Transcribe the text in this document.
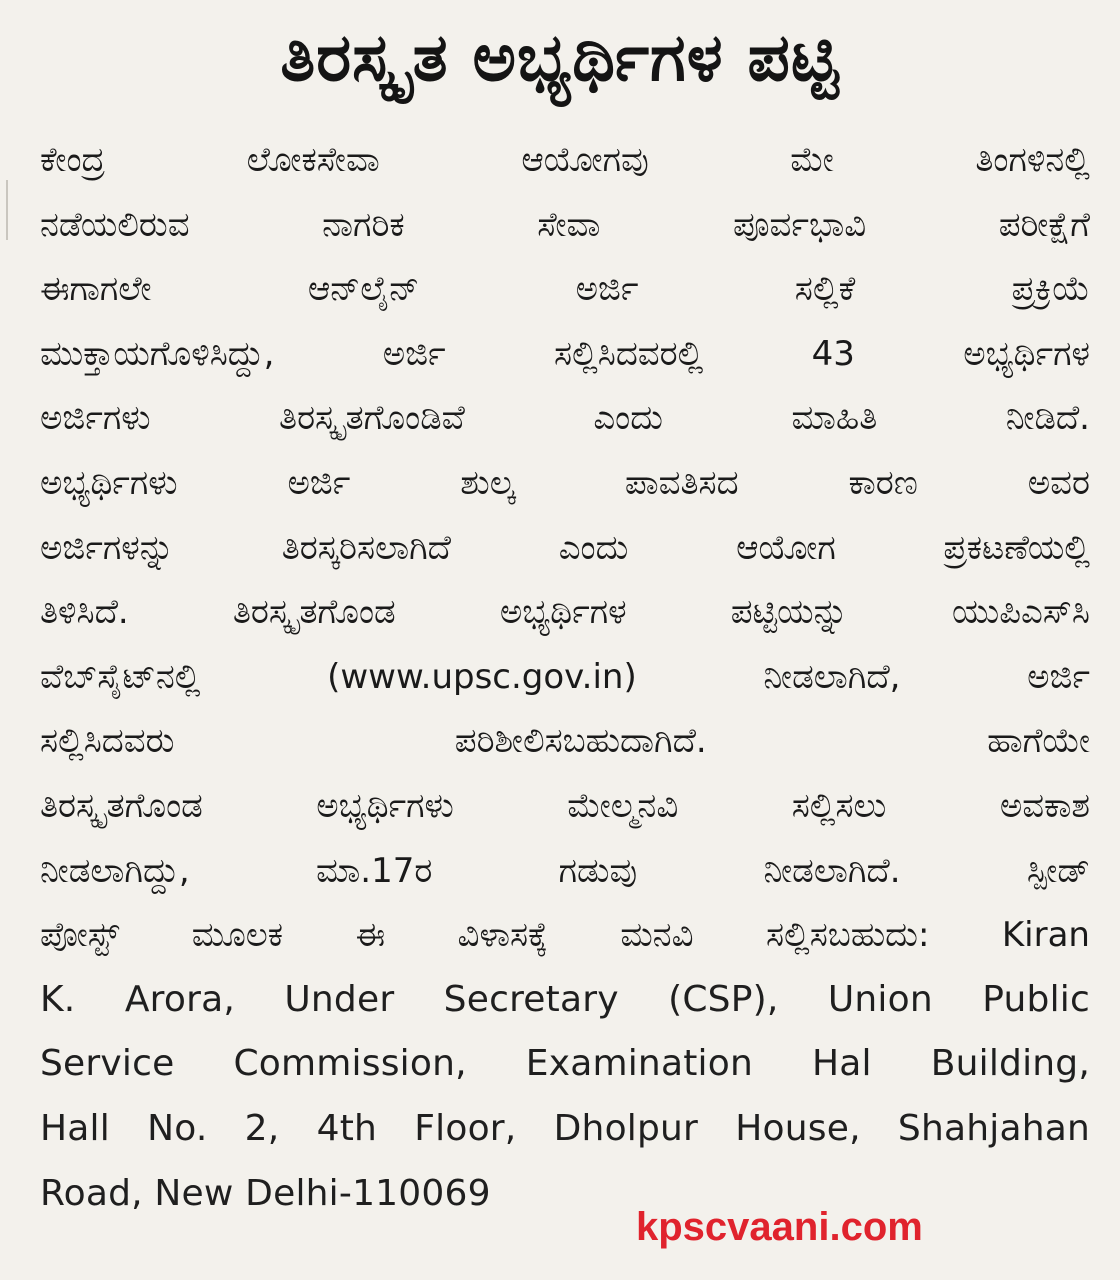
ತಿರಸ್ಕೃತ ಅಭ್ಯರ್ಥಿಗಳ ಪಟ್ಟಿ
ಕೇಂದ್ರ ಲೋಕಸೇವಾ ಆಯೋಗವು ಮೇ ತಿಂಗಳಿನಲ್ಲಿ
ನಡೆಯಲಿರುವ ನಾಗರಿಕ ಸೇವಾ ಪೂರ್ವಭಾವಿ ಪರೀಕ್ಷೆಗೆ
ಈಗಾಗಲೇ ಆನ್‌ಲೈನ್ ಅರ್ಜಿ ಸಲ್ಲಿಕೆ ಪ್ರಕ್ರಿಯೆ
ಮುಕ್ತಾಯಗೊಳಿಸಿದ್ದು, ಅರ್ಜಿ ಸಲ್ಲಿಸಿದವರಲ್ಲಿ 43 ಅಭ್ಯರ್ಥಿಗಳ
ಅರ್ಜಿಗಳು ತಿರಸ್ಕೃತಗೊಂಡಿವೆ ಎಂದು ಮಾಹಿತಿ ನೀಡಿದೆ.
ಅಭ್ಯರ್ಥಿಗಳು ಅರ್ಜಿ ಶುಲ್ಕ ಪಾವತಿಸದ ಕಾರಣ ಅವರ
ಅರ್ಜಿಗಳನ್ನು ತಿರಸ್ಕರಿಸಲಾಗಿದೆ ಎಂದು ಆಯೋಗ ಪ್ರಕಟಣೆಯಲ್ಲಿ
ತಿಳಿಸಿದೆ. ತಿರಸ್ಕೃತಗೊಂಡ ಅಭ್ಯರ್ಥಿಗಳ ಪಟ್ಟಿಯನ್ನು ಯುಪಿಎಸ್‌ಸಿ
ವೆಬ್‌ಸೈಟ್‌ನಲ್ಲಿ (www.upsc.gov.in) ನೀಡಲಾಗಿದೆ, ಅರ್ಜಿ
ಸಲ್ಲಿಸಿದವರು ಪರಿಶೀಲಿಸಬಹುದಾಗಿದೆ. ಹಾಗೆಯೇ
ತಿರಸ್ಕೃತಗೊಂಡ ಅಭ್ಯರ್ಥಿಗಳು ಮೇಲ್ಮನವಿ ಸಲ್ಲಿಸಲು ಅವಕಾಶ
ನೀಡಲಾಗಿದ್ದು, ಮಾ.17ರ ಗಡುವು ನೀಡಲಾಗಿದೆ. ಸ್ಪೀಡ್
ಪೋಸ್ಟ್ ಮೂಲಕ ಈ ವಿಳಾಸಕ್ಕೆ ಮನವಿ ಸಲ್ಲಿಸಬಹುದು: Kiran
K. Arora, Under Secretary (CSP), Union Public
Service Commission, Examination Hal Building,
Hall No. 2, 4th Floor, Dholpur House, Shahjahan
Road, New Delhi-110069
kpscvaani.com
